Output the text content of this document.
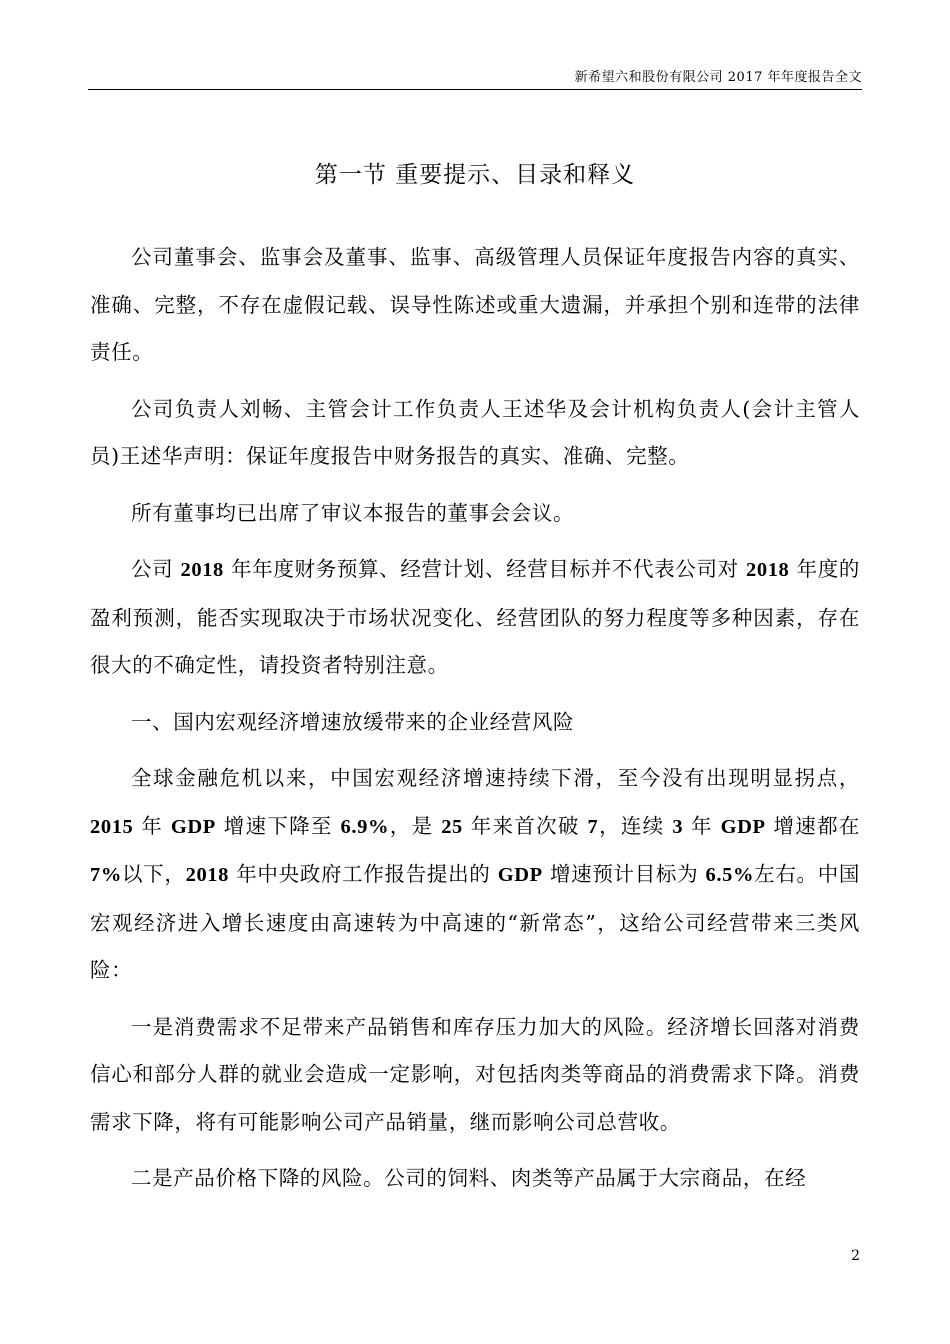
新希望六和股份有限公司 2017 年年度报告全文
第一节 重要提示、目录和释义

公司董事会、监事会及董事、监事、高级管理人员保证年度报告内容的真实、准确、完整，不存在虚假记载、误导性陈述或重大遗漏，并承担个别和连带的法律责任。

公司负责人刘畅、主管会计工作负责人王述华及会计机构负责人(会计主管人员)王述华声明：保证年度报告中财务报告的真实、准确、完整。

所有董事均已出席了审议本报告的董事会会议。

公司 2018 年年度财务预算、经营计划、经营目标并不代表公司对 2018 年度的盈利预测，能否实现取决于市场状况变化、经营团队的努力程度等多种因素，存在很大的不确定性，请投资者特别注意。

一、国内宏观经济增速放缓带来的企业经营风险

全球金融危机以来，中国宏观经济增速持续下滑，至今没有出现明显拐点，2015 年 GDP 增速下降至 6.9%，是 25 年来首次破 7，连续 3 年 GDP 增速都在 7%以下，2018 年中央政府工作报告提出的 GDP 增速预计目标为 6.5%左右。中国宏观经济进入增长速度由高速转为中高速的“新常态”，这给公司经营带来三类风险：

一是消费需求不足带来产品销售和库存压力加大的风险。经济增长回落对消费信心和部分人群的就业会造成一定影响，对包括肉类等商品的消费需求下降。消费需求下降，将有可能影响公司产品销量，继而影响公司总营收。

二是产品价格下降的风险。公司的饲料、肉类等产品属于大宗商品，在经

2
